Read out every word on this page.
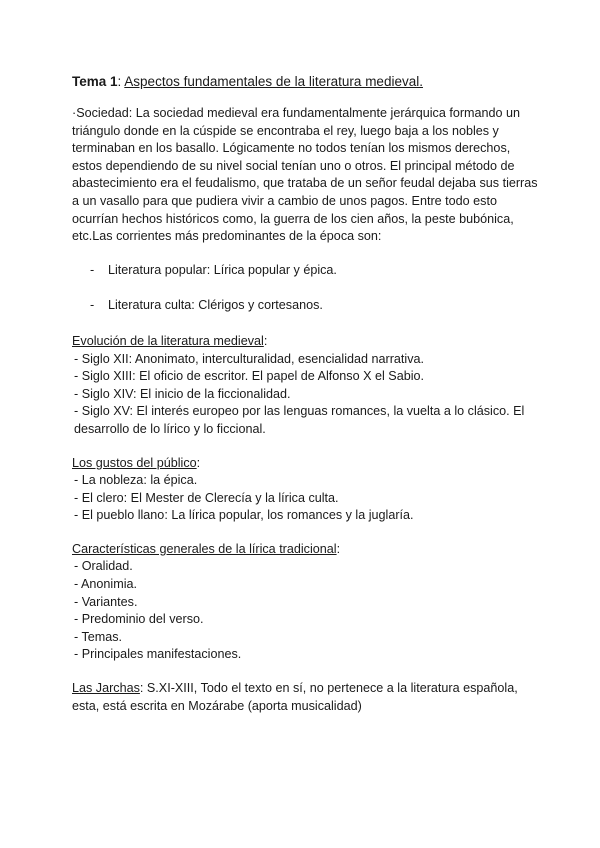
Tema 1: Aspectos fundamentales de la literatura medieval.

·Sociedad: La sociedad medieval era fundamentalmente jerárquica formando un triángulo donde en la cúspide se encontraba el rey, luego baja a los nobles y terminaban en los basallo. Lógicamente no todos tenían los mismos derechos, estos dependiendo de su nivel social tenían uno o otros. El principal método de abastecimiento era el feudalismo, que trataba de un señor feudal dejaba sus tierras a un vasallo para que pudiera vivir a cambio de unos pagos. Entre todo esto ocurrían hechos históricos como, la guerra de los cien años, la peste bubónica, etc.Las corrientes más predominantes de la época son:

- Literatura popular: Lírica popular y épica.
- Literatura culta: Clérigos y cortesanos.
Evolución de la literatura medieval:
- Siglo XII: Anonimato, interculturalidad, esencialidad narrativa.
- Siglo XIII: El oficio de escritor. El papel de Alfonso X el Sabio.
- Siglo XIV: El inicio de la ficcionalidad.
- Siglo XV: El interés europeo por las lenguas romances, la vuelta a lo clásico. El desarrollo de lo lírico y lo ficcional.
Los gustos del público:
- La nobleza: la épica.
- El clero: El Mester de Clerecía y la lírica culta.
- El pueblo llano: La lírica popular, los romances y la juglaría.
Características generales de la lírica tradicional:
- Oralidad.
- Anonimia.
- Variantes.
- Predominio del verso.
- Temas.
- Principales manifestaciones.

Las Jarchas: S.XI-XIII, Todo el texto en sí, no pertenece a la literatura española, esta, está escrita en Mozárabe (aporta musicalidad)
